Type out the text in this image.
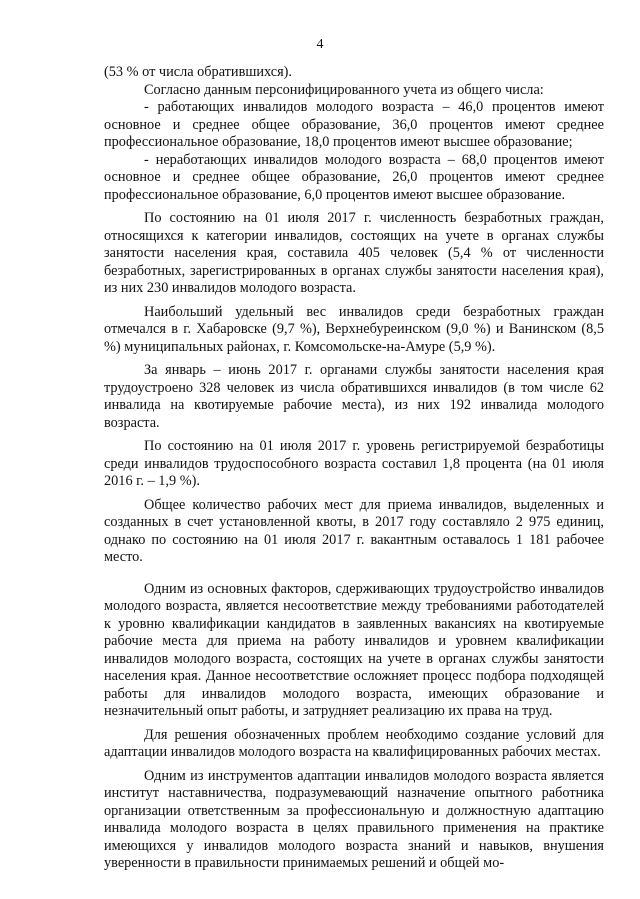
4

(53 % от числа обратившихся).

Согласно данным персонифицированного учета из общего числа:

- работающих инвалидов молодого возраста – 46,0 процентов имеют основное и среднее общее образование, 36,0 процентов имеют среднее профессиональное образование, 18,0 процентов имеют высшее образование;

- неработающих инвалидов молодого возраста – 68,0 процентов имеют основное и среднее общее образование, 26,0 процентов имеют среднее профессиональное образование, 6,0 процентов имеют высшее образование.

По состоянию на 01 июля 2017 г. численность безработных граждан, относящихся к категории инвалидов, состоящих на учете в органах службы занятости населения края, составила 405 человек (5,4 % от численности безработных, зарегистрированных в органах службы занятости населения края), из них 230 инвалидов молодого возраста.

Наибольший удельный вес инвалидов среди безработных граждан отмечался в г. Хабаровске (9,7 %), Верхнебуреинском (9,0 %) и Ванинском (8,5 %) муниципальных районах, г. Комсомольске-на-Амуре (5,9 %).

За январь – июнь 2017 г. органами службы занятости населения края трудоустроено 328 человек из числа обратившихся инвалидов (в том числе 62 инвалида на квотируемые рабочие места), из них 192 инвалида молодого возраста.

По состоянию на 01 июля 2017 г. уровень регистрируемой безработицы среди инвалидов трудоспособного возраста составил 1,8 процента (на 01 июля 2016 г. – 1,9 %).

Общее количество рабочих мест для приема инвалидов, выделенных и созданных в счет установленной квоты, в 2017 году составляло 2 975 единиц, однако по состоянию на 01 июля 2017 г. вакантным оставалось 1 181 рабочее место.

Одним из основных факторов, сдерживающих трудоустройство инвалидов молодого возраста, является несоответствие между требованиями работодателей к уровню квалификации кандидатов в заявленных вакансиях на квотируемые рабочие места для приема на работу инвалидов и уровнем квалификации инвалидов молодого возраста, состоящих на учете в органах службы занятости населения края. Данное несоответствие осложняет процесс подбора подходящей работы для инвалидов молодого возраста, имеющих образование и незначительный опыт работы, и затрудняет реализацию их права на труд.

Для решения обозначенных проблем необходимо создание условий для адаптации инвалидов молодого возраста на квалифицированных рабочих местах.

Одним из инструментов адаптации инвалидов молодого возраста является институт наставничества, подразумевающий назначение опытного работника организации ответственным за профессиональную и должностную адаптацию инвалида молодого возраста в целях правильного применения на практике имеющихся у инвалидов молодого возраста знаний и навыков, внушения уверенности в правильности принимаемых решений и общей мо-
